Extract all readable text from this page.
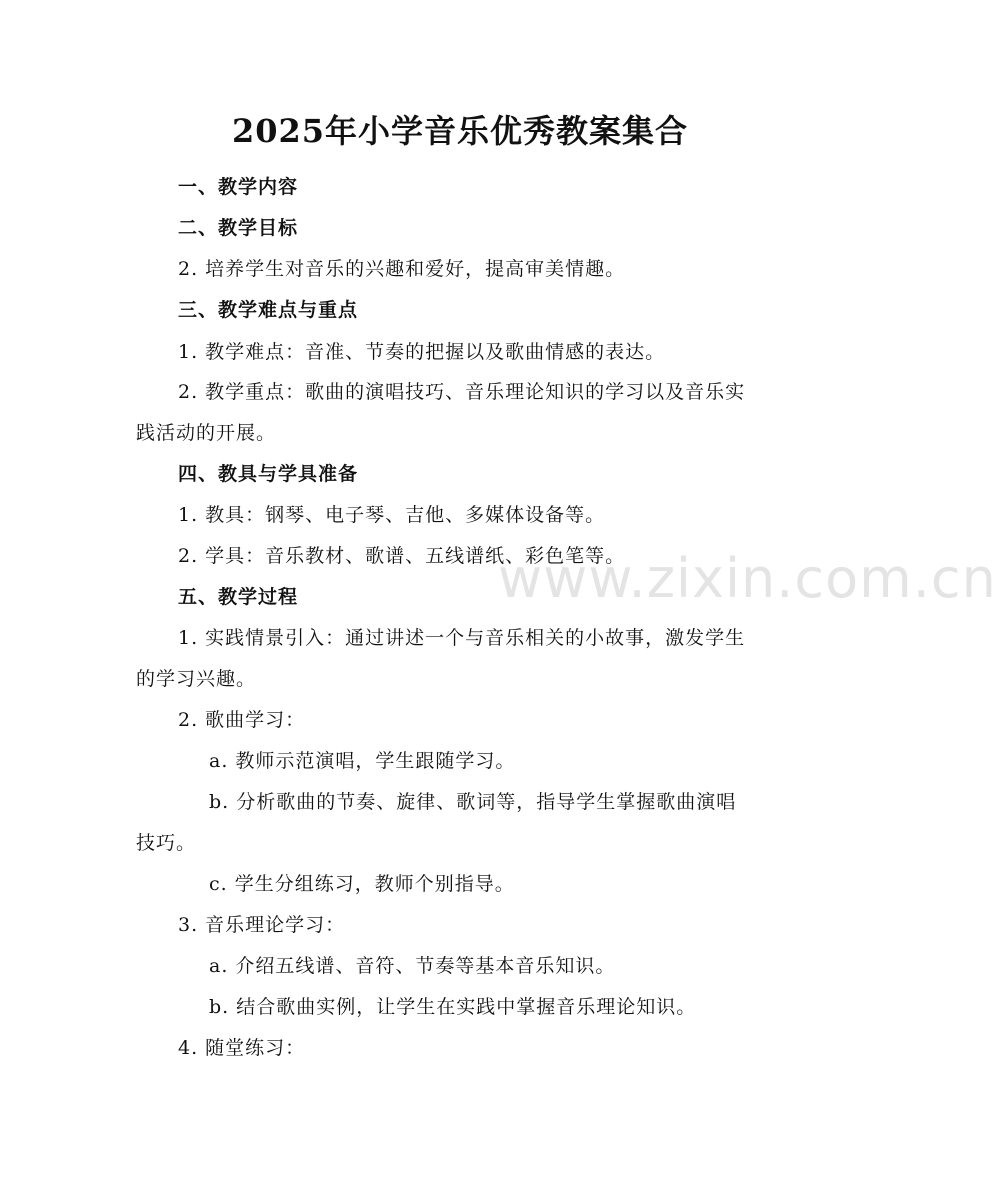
www.zixin.com.cn
2025年小学音乐优秀教案集合
一、教学内容
二、教学目标
2. 培养学生对音乐的兴趣和爱好，提高审美情趣。
三、教学难点与重点
1. 教学难点：音准、节奏的把握以及歌曲情感的表达。
2. 教学重点：歌曲的演唱技巧、音乐理论知识的学习以及音乐实
践活动的开展。
四、教具与学具准备
1. 教具：钢琴、电子琴、吉他、多媒体设备等。
2. 学具：音乐教材、歌谱、五线谱纸、彩色笔等。
五、教学过程
1. 实践情景引入：通过讲述一个与音乐相关的小故事，激发学生
的学习兴趣。
2. 歌曲学习：
a. 教师示范演唱，学生跟随学习。
b. 分析歌曲的节奏、旋律、歌词等，指导学生掌握歌曲演唱
技巧。
c. 学生分组练习，教师个别指导。
3. 音乐理论学习：
a. 介绍五线谱、音符、节奏等基本音乐知识。
b. 结合歌曲实例，让学生在实践中掌握音乐理论知识。
4. 随堂练习：
